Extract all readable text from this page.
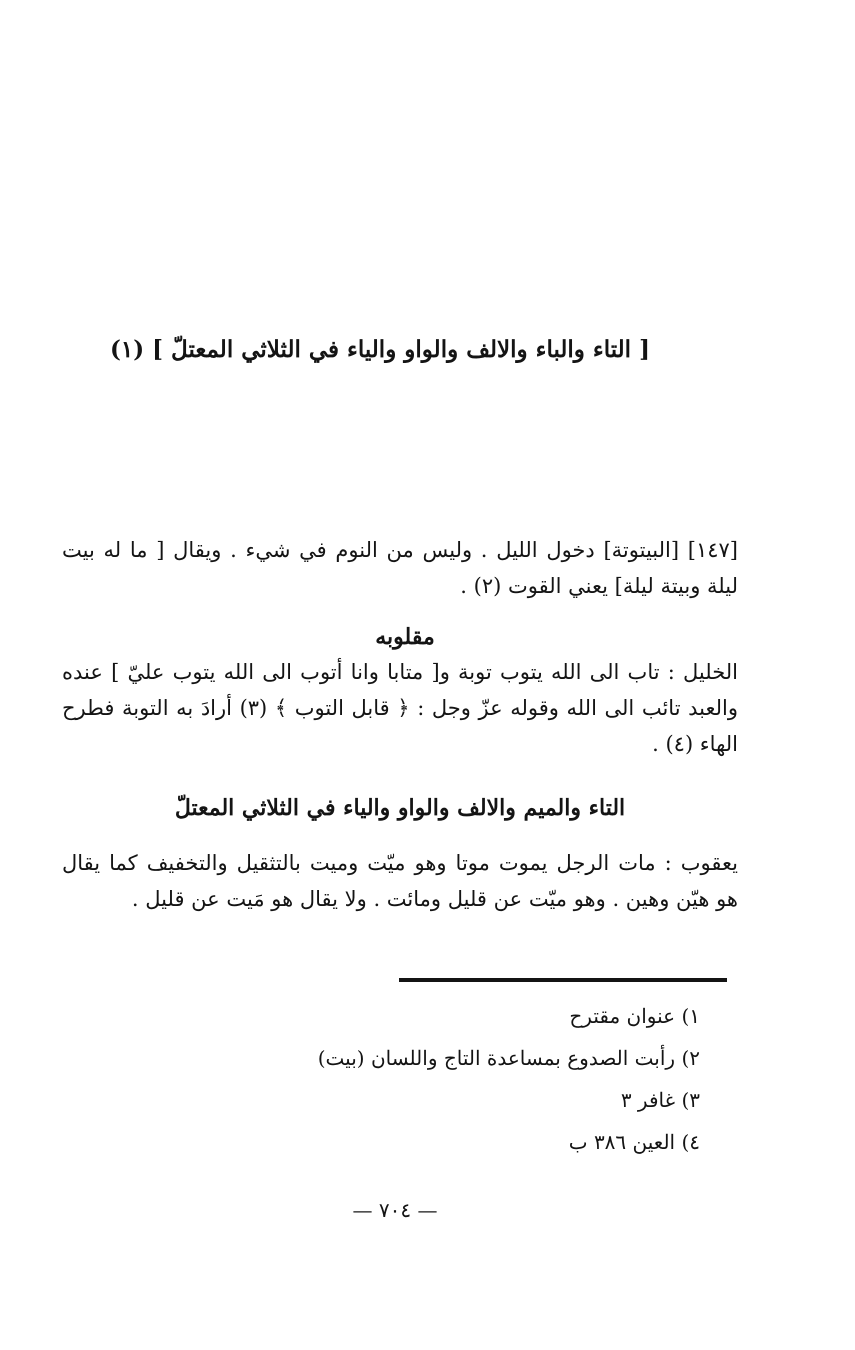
[ التاء والباء والالف والواو والياء في الثلاثي المعتلّ ] (١)

[١٤٧] [البيتوتة] دخول الليل . وليس من النوم في شيء . ويقال [ ما له بيت ليلة وبيتة ليلة] يعني القوت (٢) .

مقلوبه

الخليل : تاب الى الله يتوب توبة و[ متابا وانا أتوب الى الله يتوب عليّ ] عنده والعبد تائب الى الله وقوله عزّ وجل : ﴿ قابل التوب ﴾ (٣) أرادَ به التوبة فطرح الهاء (٤) .

التاء والميم والالف والواو والياء في الثلاثي المعتلّ

يعقوب : مات الرجل يموت موتا وهو ميّت وميت بالتثقيل والتخفيف كما يقال هو هيّن وهين . وهو ميّت عن قليل ومائت . ولا يقال هو مَيت عن قليل .

١) عنوان مقترح
٢) رأبت الصدوع بمساعدة التاج واللسان (بيت)
٣) غافر ٣
٤) العين ٣٨٦ ب
— ٧٠٤ —
